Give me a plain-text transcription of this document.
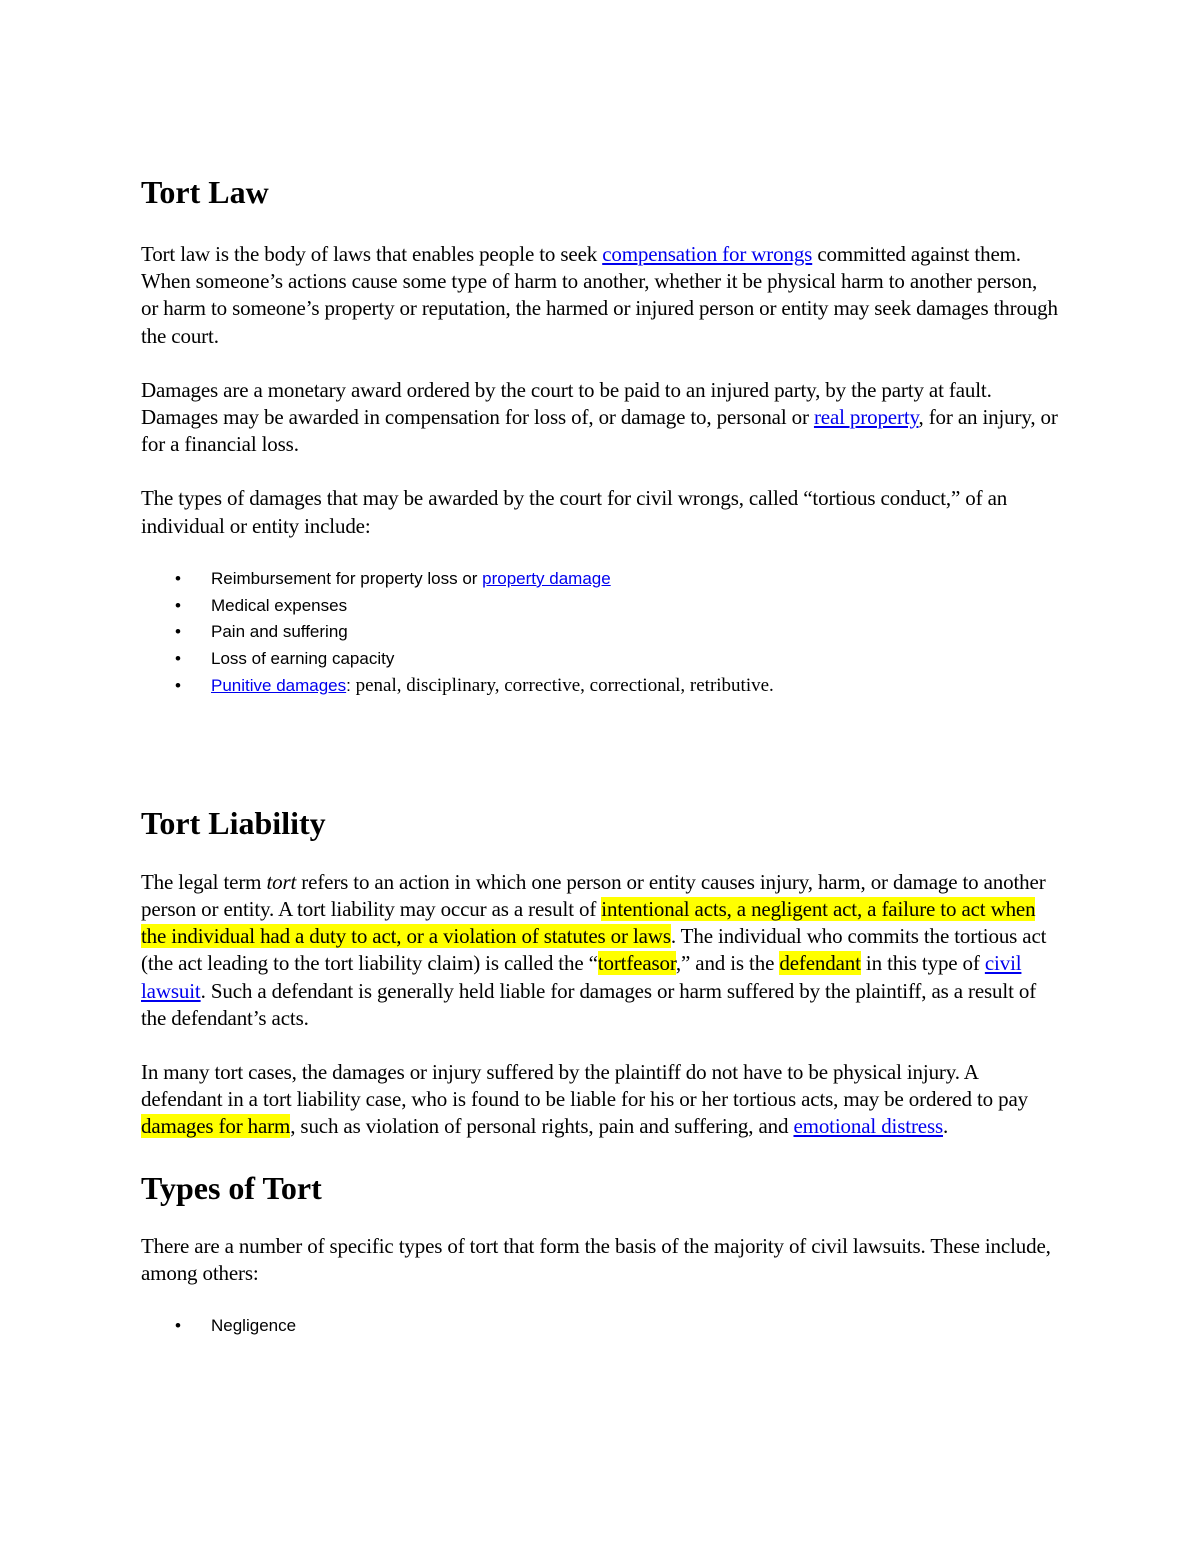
Tort Law

Tort law is the body of laws that enables people to seek compensation for wrongs committed against them. When someone’s actions cause some type of harm to another, whether it be physical harm to another person, or harm to someone’s property or reputation, the harmed or injured person or entity may seek damages through the court.

Damages are a monetary award ordered by the court to be paid to an injured party, by the party at fault. Damages may be awarded in compensation for loss of, or damage to, personal or real property, for an injury, or for a financial loss.

The types of damages that may be awarded by the court for civil wrongs, called “tortious conduct,” of an individual or entity include:

• Reimbursement for property loss or property damage
• Medical expenses
• Pain and suffering
• Loss of earning capacity
• Punitive damages: penal, disciplinary, corrective, correctional, retributive.
Tort Liability

The legal term tort refers to an action in which one person or entity causes injury, harm, or damage to another person or entity. A tort liability may occur as a result of intentional acts, a negligent act, a failure to act when the individual had a duty to act, or a violation of statutes or laws. The individual who commits the tortious act (the act leading to the tort liability claim) is called the “tortfeasor,” and is the defendant in this type of civil lawsuit. Such a defendant is generally held liable for damages or harm suffered by the plaintiff, as a result of the defendant’s acts.

In many tort cases, the damages or injury suffered by the plaintiff do not have to be physical injury. A defendant in a tort liability case, who is found to be liable for his or her tortious acts, may be ordered to pay damages for harm, such as violation of personal rights, pain and suffering, and emotional distress.

Types of Tort

There are a number of specific types of tort that form the basis of the majority of civil lawsuits. These include, among others:

• Negligence
